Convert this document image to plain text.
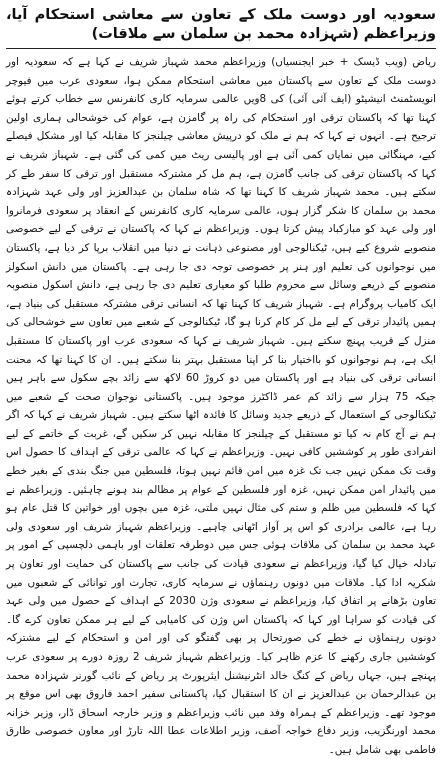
سعودیہ اور دوست ملک کے تعاون سے معاشی استحکام آیا، وزیراعظم (شہزادہ محمد بن سلمان سے ملاقات)

ریاض (ویب ڈیسک + خبر ایجنسیاں) وزیراعظم محمد شہباز شریف نے کہا ہے کہ سعودیہ اور دوست ملک کے تعاون سے پاکستان میں معاشی استحکام ممکن ہوا، سعودی عرب میں فیوچر انویسٹمنٹ انیشیٹو (ایف آئی آئی) کی 8ویں عالمی سرمایہ کاری کانفرنس سے خطاب کرتے ہوئے کہنا تھا کہ پاکستان ترقی اور استحکام کی راہ پر گامزن ہے، عوام کی خوشحالی ہماری اولین ترجیح ہے۔ انہوں نے کہا کہ ہم نے ملک کو درپیش معاشی چیلنجز کا مقابلہ کیا اور مشکل فیصلے کیے، مہنگائی میں نمایاں کمی آئی ہے اور پالیسی ریٹ میں کمی کی گئی ہے۔ شہباز شریف نے کہا کہ پاکستان ترقی کی جانب گامزن ہے، ہم مل کر مشترکہ مستقبل اور ترقی کا سفر طے کر سکتے ہیں۔ محمد شہباز شریف کا کہنا تھا کہ شاہ سلمان بن عبدالعزیز اور ولی عہد شہزادہ محمد بن سلمان کا شکر گزار ہوں، عالمی سرمایہ کاری کانفرنس کے انعقاد پر سعودی فرمانروا اور ولی عہد کو مبارکباد پیش کرتا ہوں۔ وزیراعظم نے کہا کہ پاکستان نے ترقی کے لیے خصوصی منصوبے شروع کیے ہیں، ٹیکنالوجی اور مصنوعی ذہانت نے دنیا میں انقلاب برپا کر دیا ہے، پاکستان میں نوجوانوں کی تعلیم اور ہنر پر خصوصی توجہ دی جا رہی ہے۔ پاکستان میں دانش اسکولز منصوبے کے ذریعے وسائل سے محروم طلبا کو معیاری تعلیم دی جا رہی ہے، دانش اسکول منصوبہ ایک کامیاب پروگرام ہے۔ شہباز شریف کا کہنا تھا کہ انسانی ترقی مشترکہ مستقبل کی بنیاد ہے، ہمیں پائیدار ترقی کے لیے مل کر کام کرنا ہو گا، ٹیکنالوجی کے شعبے میں تعاون سے خوشحالی کی منزل کے قریب پہنچ سکتے ہیں۔ شہباز شریف نے کہا کہ سعودی عرب اور پاکستان کا مستقبل ایک ہے، ہم نوجوانوں کو بااختیار بنا کر اپنا مستقبل بہتر بنا سکتے ہیں۔ ان کا کہنا تھا کہ محنت انسانی ترقی کی بنیاد ہے اور پاکستان میں دو کروڑ 60 لاکھ سے زائد بچے سکول سے باہر ہیں جبکہ 75 ہزار سے زائد کم عمر ڈاکٹرز موجود ہیں۔ پاکستانی نوجوان صحت کے شعبے میں ٹیکنالوجی کے استعمال کے ذریعے جدید وسائل کا فائدہ اٹھا سکتے ہیں۔ شہباز شریف نے کہا کہ اگر ہم نے آج کام نہ کیا تو مستقبل کے چیلنجز کا مقابلہ نہیں کر سکیں گے، غربت کے خاتمے کے لیے انفرادی طور پر کوششیں کافی نہیں۔ وزیراعظم نے کہا کہ عالمی ترقی کے اہداف کا حصول اس وقت تک ممکن نہیں جب تک غزہ میں امن قائم نہیں ہوتا، فلسطین میں جنگ بندی کے بغیر خطے میں پائیدار امن ممکن نہیں، غزہ اور فلسطین کے عوام پر مظالم بند ہونے چاہئیں۔ وزیراعظم نے کہا کہ فلسطین میں ظلم و ستم کی مثال نہیں ملتی، غزہ میں بچوں اور خواتین کا قتل عام ہو رہا ہے، عالمی برادری کو اس پر آواز اٹھانی چاہیے۔ وزیراعظم شہباز شریف اور سعودی ولی عہد محمد بن سلمان کی ملاقات ہوئی جس میں دوطرفہ تعلقات اور باہمی دلچسپی کے امور پر تبادلہ خیال کیا گیا، وزیراعظم نے سعودی قیادت کی جانب سے پاکستان کی حمایت اور تعاون پر شکریہ ادا کیا۔ ملاقات میں دونوں رہنماؤں نے سرمایہ کاری، تجارت اور توانائی کے شعبوں میں تعاون بڑھانے پر اتفاق کیا، وزیراعظم نے سعودی وژن 2030 کے اہداف کے حصول میں ولی عہد کی قیادت کو سراہا اور کہا کہ پاکستان اس وژن کی کامیابی کے لیے ہر ممکن تعاون کرے گا۔ دونوں رہنماؤں نے خطے کی صورتحال پر بھی گفتگو کی اور امن و استحکام کے لیے مشترکہ کوششیں جاری رکھنے کا عزم ظاہر کیا۔ وزیراعظم شہباز شریف 2 روزہ دورے پر سعودی عرب پہنچے ہیں، جہاں ریاض کے کنگ خالد انٹرنیشنل ایئرپورٹ پر ریاض کے نائب گورنر شہزادہ محمد بن عبدالرحمان بن عبدالعزیز نے ان کا استقبال کیا، پاکستانی سفیر احمد فاروق بھی اس موقع پر موجود تھے۔ وزیراعظم کے ہمراہ وفد میں نائب وزیراعظم و وزیر خارجہ اسحاق ڈار، وزیر خزانہ محمد اورنگزیب، وزیر دفاع خواجہ آصف، وزیر اطلاعات عطا اللہ تارڑ اور معاون خصوصی طارق فاطمی بھی شامل ہیں۔
